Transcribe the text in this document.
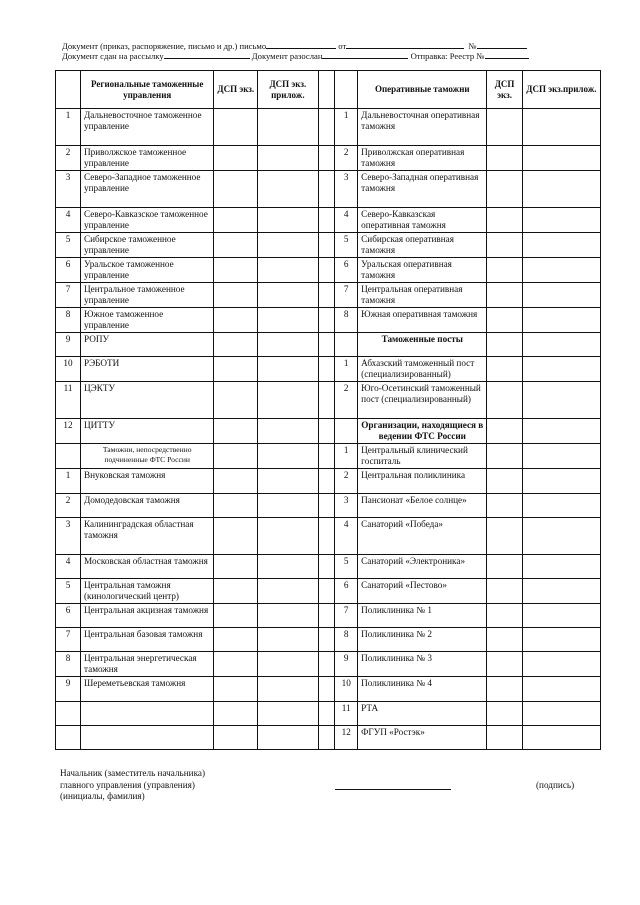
Документ (приказ, распоряжение, письмо и др.) письмо	от	№
Документ сдан на рассылку	Документ разослан	Отправка: Реестр №
	Региональные таможенные управления	ДСП экз.	ДСП экз. прилож.			Оперативные таможни	ДСП экз.	ДСП экз.прилож.
1	Дальневосточное таможенное управление				1	Дальневосточная оперативная таможня		
2	Приволжское таможенное управление				2	Приволжская оперативная таможня		
3	Северо-Западное таможенное управление				3	Северо-Западная оперативная таможня		
4	Северо-Кавказское таможенное управление				4	Северо-Кавказская оперативная таможня		
5	Сибирское таможенное управление				5	Сибирская оперативная таможня		
6	Уральское таможенное управление				6	Уральская оперативная таможня		
7	Центральное таможенное управление				7	Центральная оперативная таможня		
8	Южное таможенное управление				8	Южная оперативная таможня		
9	РОПУ					Таможенные посты		
10	РЭБОТИ				1	Абхазский таможенный пост (специализированный)		
11	ЦЭКТУ				2	Юго-Осетинский таможенный пост (специализированный)		
12	ЦИТТУ					Организации, находящиеся в ведении ФТС России		
	Таможни, непосредственно подчиненные ФТС России				1	Центральный клинический госпиталь		
1	Внуковская таможня				2	Центральная поликлиника		
2	Домодедовская таможня				3	Пансионат «Белое солнце»		
3	Калининградская областная таможня				4	Санаторий «Победа»		
4	Московская областная таможня				5	Санаторий «Электроника»		
5	Центральная таможня (кинологический центр)				6	Санаторий «Пестово»		
6	Центральная акцизная таможня				7	Поликлиника № 1		
7	Центральная базовая таможня				8	Поликлиника № 2		
8	Центральная энергетическая таможня				9	Поликлиника № 3		
9	Шереметьевская таможня				10	Поликлиника № 4		
					11	РТА		
					12	ФГУП «Ростэк»		
Начальник (заместитель начальника)
главного управления (управления)
(инициалы, фамилия)
(подпись)
